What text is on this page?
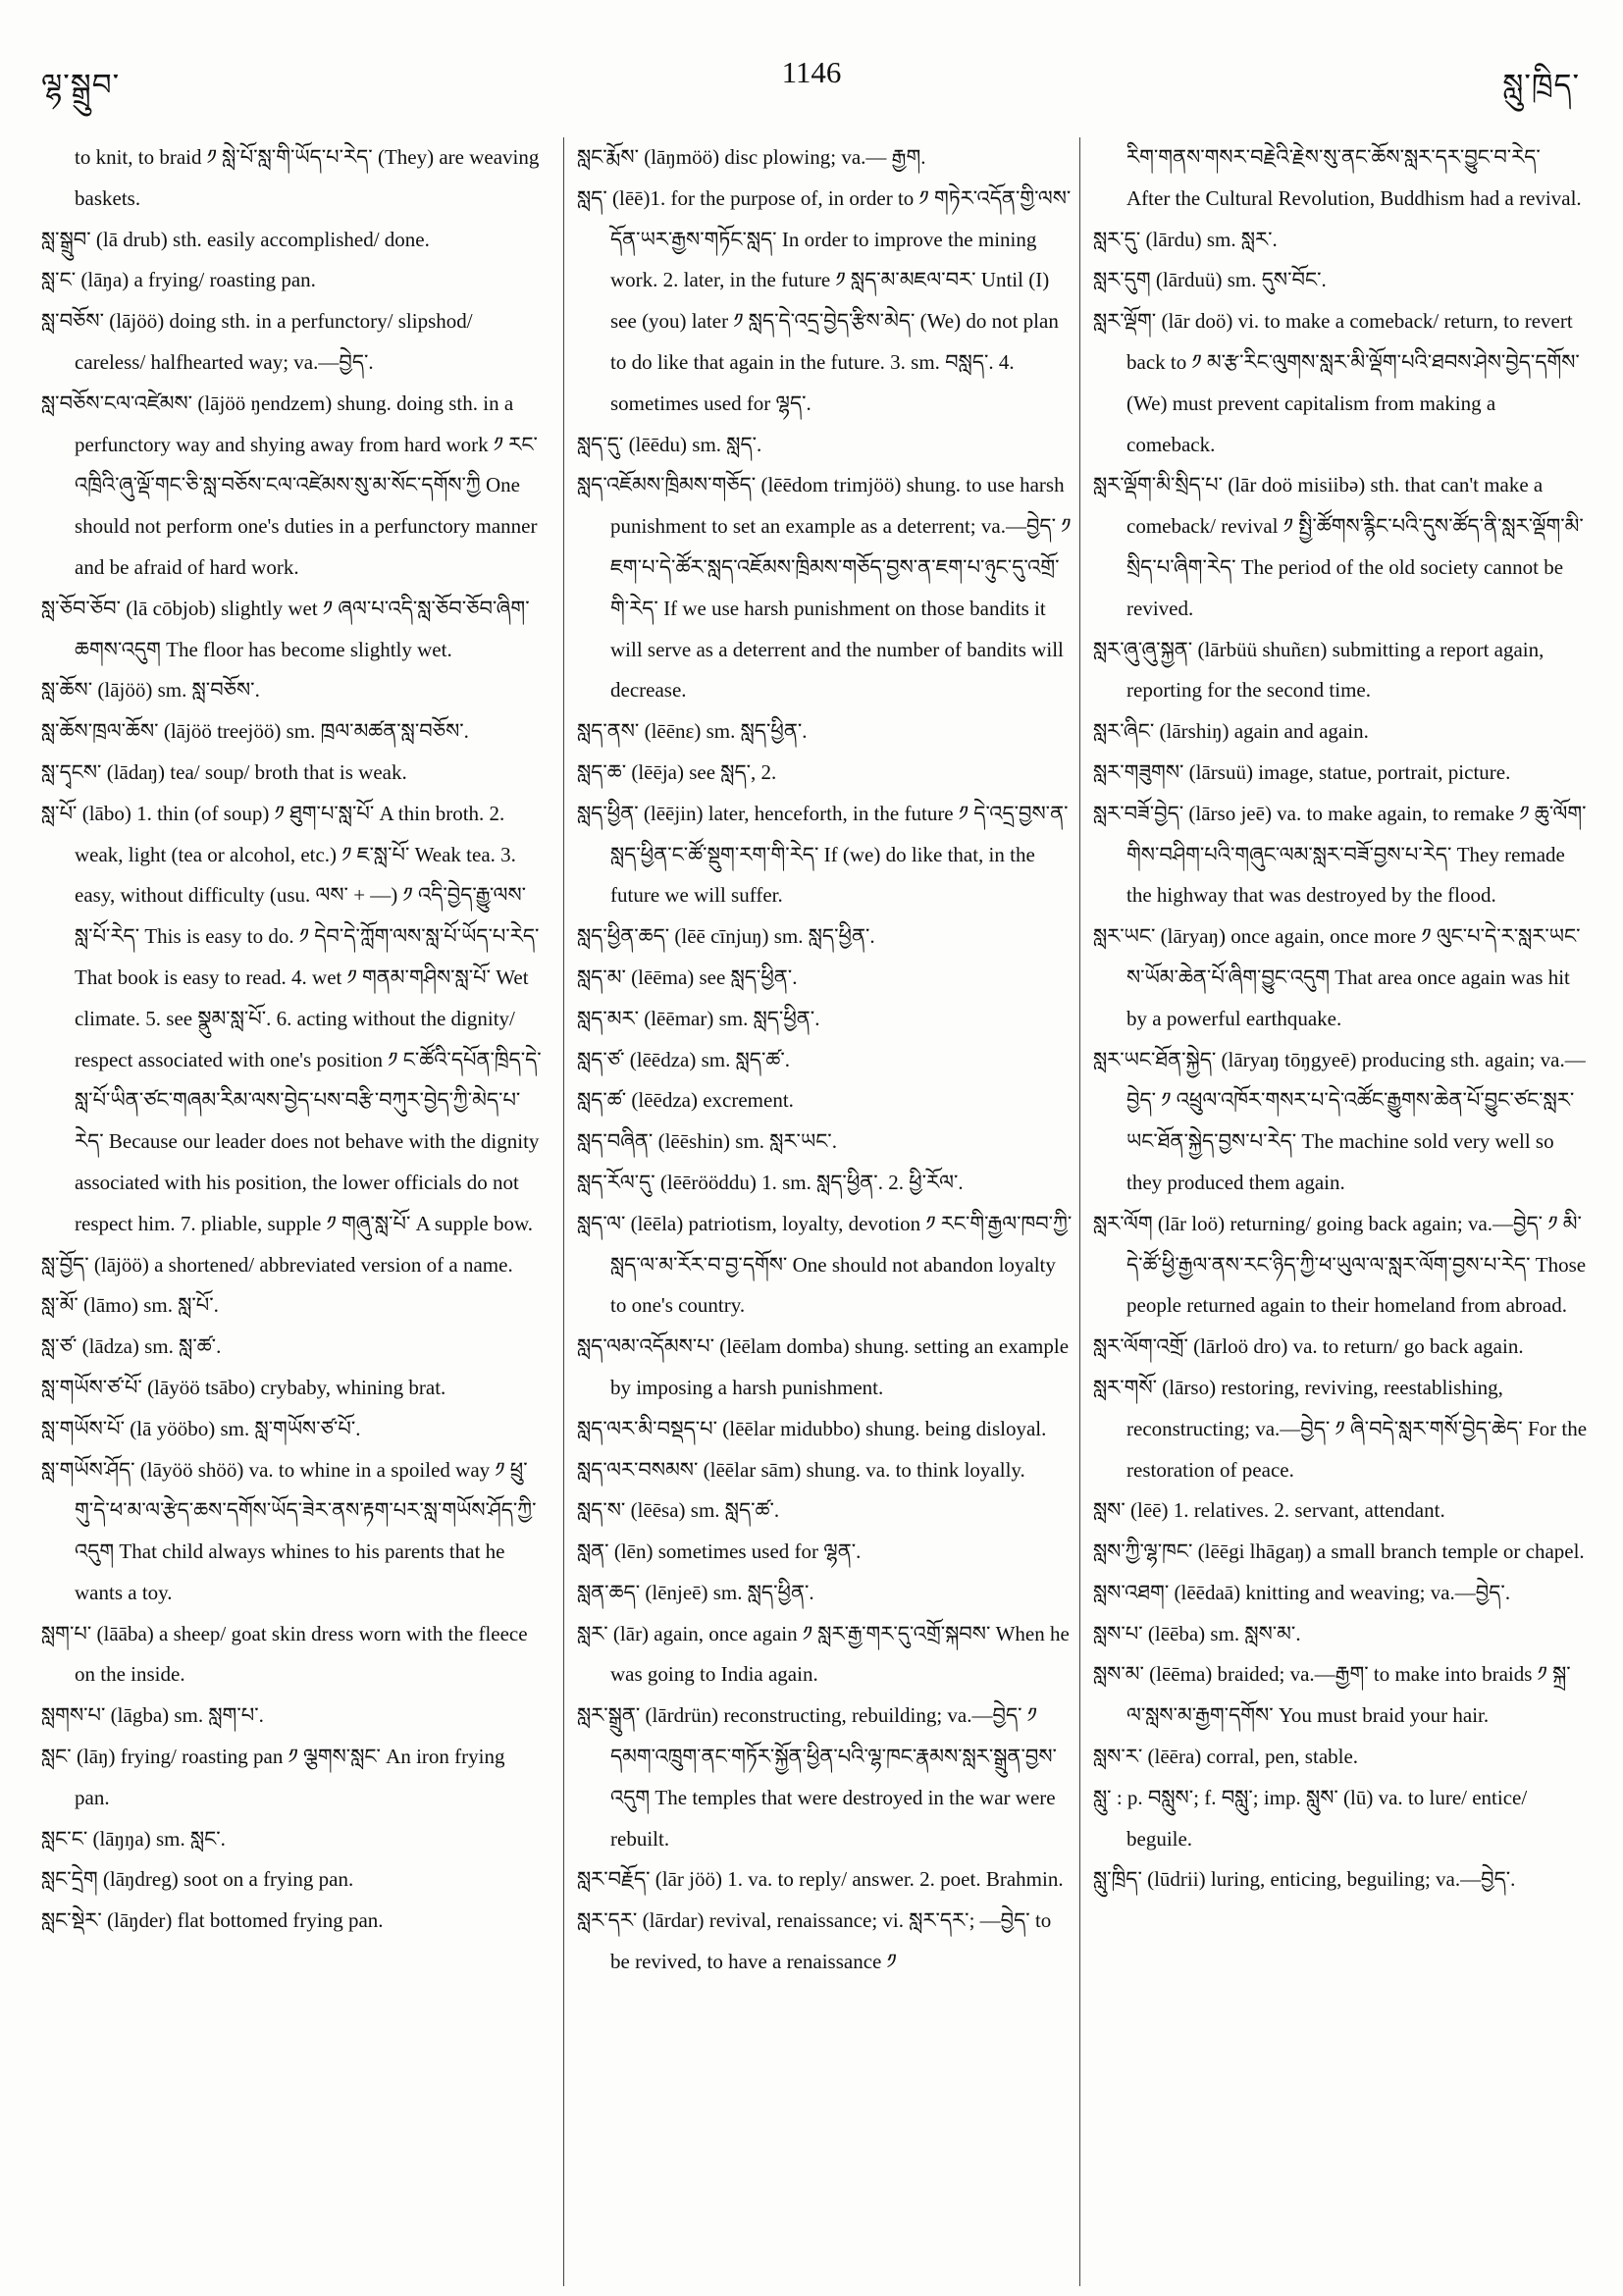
ལྷ་སྒྲུབ་	1146	སླུ་ཁྲིད་

to knit, to braid ༡ སླེ་པོ་སླ་གི་ཡོད་པ་རེད་ (They) are weaving baskets.

སླ་སྒྲུབ་ (lā drub) sth. easily accomplished/ done.

སླ་ང་ (lāŋa) a frying/ roasting pan.

སླ་བཅོས་ (lājöö) doing sth. in a perfunctory/ slipshod/ careless/ halfhearted way; va.—བྱེད་.

སླ་བཅོས་ངལ་འཛེམས་ (lājöö ŋendzem) shung. doing sth. in a perfunctory way and shying away from hard work ༡ རང་འཁྲིའི་ཞུ་ལྡོ་གང་ཅི་སླ་བཅོས་ངལ་འཛེམས་སུ་མ་སོང་དགོས་ཀྱི One should not perform one's duties in a perfunctory manner and be afraid of hard work.

སླ་ཅོབ་ཅོབ་ (lā cōbjob) slightly wet ༡ ཞལ་པ་འདི་སླ་ཅོབ་ཅོབ་ཞིག་ཆགས་འདུག The floor has become slightly wet.

སླ་ཆོས་ (lājöö) sm. སླ་བཅོས་.

སླ་ཆོས་ཁྲལ་ཆོས་ (lājöö treejöö) sm. ཁྲལ་མཚན་སླ་བཅོས་.

སླ་དྭངས་ (lādaŋ) tea/ soup/ broth that is weak.

སླ་པོ་ (lābo) 1. thin (of soup) ༡ ཐུག་པ་སླ་པོ་ A thin broth. 2. weak, light (tea or alcohol, etc.) ༡ ཇ་སླ་པོ་ Weak tea. 3. easy, without difficulty (usu. ལས་ + —) ༡ འདི་བྱེད་རྒྱུ་ལས་སླ་པོ་རེད་ This is easy to do. ༡ དེབ་དེ་ཀློག་ལས་སླ་པོ་ཡོད་པ་རེད་ That book is easy to read. 4. wet ༡ གནམ་གཤིས་སླ་པོ་ Wet climate. 5. see སྣུམ་སླ་པོ་. 6. acting without the dignity/ respect associated with one's position ༡ ང་ཚོའི་དཔོན་ཁྲིད་དེ་སླ་པོ་ཡིན་ཙང་གཞམ་རིམ་ལས་བྱེད་པས་བརྩི་བཀུར་བྱེད་ཀྱི་མེད་པ་རེད་ Because our leader does not behave with the dignity associated with his position, the lower officials do not respect him. 7. pliable, supple ༡ གཞུ་སླ་པོ་ A supple bow.

སླ་བྱོད་ (lājöö) a shortened/ abbreviated version of a name.

སླ་མོ་ (lāmo) sm. སླ་པོ་.

སླ་ཙ་ (lādza) sm. སླ་ཚ་.

སླ་གཡོས་ཙ་པོ་ (lāyöö tsābo) crybaby, whining brat.

སླ་གཡོས་པོ་ (lā yööbo) sm. སླ་གཡོས་ཙ་པོ་.

སླ་གཡོས་ཤོད་ (lāyöö shöö) va. to whine in a spoiled way ༡ ཕྲུ་གུ་དེ་ཕ་མ་ལ་རྩེད་ཆས་དགོས་ཡོད་ཟེར་ནས་རྟག་པར་སླ་གཡོས་ཤོད་ཀྱི་འདུག That child always whines to his parents that he wants a toy.

སླག་པ་ (lāāba) a sheep/ goat skin dress worn with the fleece on the inside.

སླགས་པ་ (lāgba) sm. སླག་པ་.

སླང་ (lāŋ) frying/ roasting pan ༡ ལྕགས་སླང་ An iron frying pan.

སླང་ང་ (lāŋŋa) sm. སླང་.

སླང་དྲེག (lāŋdreg) soot on a frying pan.

སླང་སྡེར་ (lāŋder) flat bottomed frying pan.

སླང་རྨོས་ (lāŋmöö) disc plowing; va.— རྒྱག.

སླད་ (lēē)1. for the purpose of, in order to ༡ གཏེར་འདོན་གྱི་ལས་དོན་ཡར་རྒྱས་གཏོང་སླད་ In order to improve the mining work. 2. later, in the future ༡ སླད་མ་མཇལ་བར་ Until (I) see (you) later ༡ སླད་དེ་འདྲ་བྱེད་རྩིས་མེད་ (We) do not plan to do like that again in the future. 3. sm. བསླད་. 4. sometimes used for ལྷད་.

སླད་དུ་ (lēēdu) sm. སླད་.

སླད་འཇོམས་ཁྲིམས་གཅོད་ (lēēdom trimjöö) shung. to use harsh punishment to set an example as a deterrent; va.—བྱེད་ ༡ ཇག་པ་དེ་ཚོར་སླད་འཇོམས་ཁྲིམས་གཅོད་བྱས་ན་ཇག་པ་ཉུང་དུ་འགྲོ་གི་རེད་ If we use harsh punishment on those bandits it will serve as a deterrent and the number of bandits will decrease.

སླད་ནས་ (lēēnε) sm. སླད་ཕྱིན་.

སླད་ཆ་ (lēēja) see སླད་, 2.

སླད་ཕྱིན་ (lēējin) later, henceforth, in the future ༡ དེ་འདྲ་བྱས་ན་སླད་ཕྱིན་ང་ཚོ་སྡུག་རག་གི་རེད་ If (we) do like that, in the future we will suffer.

སླད་ཕྱིན་ཆད་ (lēē cīnjuŋ) sm. སླད་ཕྱིན་.

སླད་མ་ (lēēma) see སླད་ཕྱིན་.

སླད་མར་ (lēēmar) sm. སླད་ཕྱིན་.

སླད་ཙ་ (lēēdza) sm. སླད་ཚ་.

སླད་ཚ་ (lēēdza) excrement.

སླད་བཞིན་ (lēēshin) sm. སླར་ཡང་.

སླད་རོལ་དུ་ (lēērööddu) 1. sm. སླད་ཕྱིན་. 2. ཕྱི་རོལ་.

སླད་ལ་ (lēēla) patriotism, loyalty, devotion ༡ རང་གི་རྒྱལ་ཁབ་ཀྱི་སླད་ལ་མ་རོར་བ་བྱ་དགོས་ One should not abandon loyalty to one's country.

སླད་ལམ་འདོམས་པ་ (lēēlam domba) shung. setting an example by imposing a harsh punishment.

སླད་ལར་མི་བསྡད་པ་ (lēēlar midubbo) shung. being disloyal.

སླད་ལར་བསམས་ (lēēlar sām) shung. va. to think loyally.

སླད་ས་ (lēēsa) sm. སླད་ཚ་.

སླན་ (lēn) sometimes used for ལྷན་.

སླན་ཆད་ (lēnjeē) sm. སླད་ཕྱིན་.

སླར་ (lār) again, once again ༡ སླར་རྒྱ་གར་དུ་འགྲོ་སྐབས་ When he was going to India again.

སླར་སྒྲུན་ (lārdrün) reconstructing, rebuilding; va.—བྱེད་ ༡ དམག་འཁྲུག་ནང་གཏོར་སྐྱོན་ཕྱིན་པའི་ལྷ་ཁང་རྣམས་སླར་སྒྲུན་བྱས་འདུག The temples that were destroyed in the war were rebuilt.

སླར་བརྗོད་ (lār jöö) 1. va. to reply/ answer. 2. poet. Brahmin.

སླར་དར་ (lārdar) revival, renaissance; vi. སླར་དར་; —བྱེད་ to be revived, to have a renaissance ༡

རིག་གནས་གསར་བརྗེའི་རྗེས་སུ་ནང་ཆོས་སླར་དར་བྱུང་བ་རེད་ After the Cultural Revolution, Buddhism had a revival.

སླར་དུ་ (lārdu) sm. སླར་.

སླར་དུག (lārduü) sm. དུས་བོང་.

སླར་ལྡོག་ (lār doö) vi. to make a comeback/ return, to revert back to ༡ མ་རྩ་རིང་ལུགས་སླར་མི་ལྡོག་པའི་ཐབས་ཤེས་བྱེད་དགོས་ (We) must prevent capitalism from making a comeback.

སླར་ལྡོག་མི་སྲིད་པ་ (lār doö misiibə) sth. that can't make a comeback/ revival ༡ སྤྱི་ཚོགས་རྙིང་པའི་དུས་ཚོད་ནི་སླར་ལྡོག་མི་སྲིད་པ་ཞིག་རེད་ The period of the old society cannot be revived.

སླར་ཞུ་ཞུ་སྐྱན་ (lārbüü shuñεn) submitting a report again, reporting for the second time.

སླར་ཞིང་ (lārshiŋ) again and again.

སླར་གཟུགས་ (lārsuü) image, statue, portrait, picture.

སླར་བཟོ་བྱེད་ (lārso jeē) va. to make again, to remake ༡ ཆུ་ལོག་གིས་བཤིག་པའི་གཞུང་ལམ་སླར་བཟོ་བྱས་པ་རེད་ They remade the highway that was destroyed by the flood.

སླར་ཡང་ (lāryaŋ) once again, once more ༡ ལུང་པ་དེ་ར་སླར་ཡང་ས་ཡོམ་ཆེན་པོ་ཞིག་བྱུང་འདུག That area once again was hit by a powerful earthquake.

སླར་ཡང་ཐོན་སྐྱེད་ (lāryaŋ tōŋgyeē) producing sth. again; va.—བྱེད་ ༡ འཕྲུལ་འཁོར་གསར་པ་དེ་འཚོང་རྒྱུགས་ཆེན་པོ་བྱུང་ཙང་སླར་ཡང་ཐོན་སྐྱེད་བྱས་པ་རེད་ The machine sold very well so they produced them again.

སླར་ལོག (lār loö) returning/ going back again; va.—བྱེད་ ༡ མི་དེ་ཚོ་ཕྱི་རྒྱལ་ནས་རང་ཉིད་ཀྱི་ཕ་ཡུལ་ལ་སླར་ལོག་བྱས་པ་རེད་ Those people returned again to their homeland from abroad.

སླར་ལོག་འགྲོ་ (lārloö dro) va. to return/ go back again.

སླར་གསོ་ (lārso) restoring, reviving, reestablishing, reconstructing; va.—བྱེད་ ༡ ཞི་བདེ་སླར་གསོ་བྱེད་ཆེད་ For the restoration of peace.

སླས་ (lēē) 1. relatives. 2. servant, attendant.

སླས་ཀྱི་ལྷ་ཁང་ (lēēgi lhāgaŋ) a small branch temple or chapel.

སླས་འཐག་ (lēēdaā) knitting and weaving; va.—བྱེད་.

སླས་པ་ (lēēba) sm. སླས་མ་.

སླས་མ་ (lēēma) braided; va.—རྒྱག་ to make into braids ༡ སྐྲ་ལ་སླས་མ་རྒྱག་དགོས་ You must braid your hair.

སླས་ར་ (lēēra) corral, pen, stable.

སླུ་ : p. བསླུས་; f. བསླུ་; imp. སླུས་ (lū) va. to lure/ entice/ beguile.

སླུ་ཁྲིད་ (lūdrii) luring, enticing, beguiling; va.—བྱེད་.
